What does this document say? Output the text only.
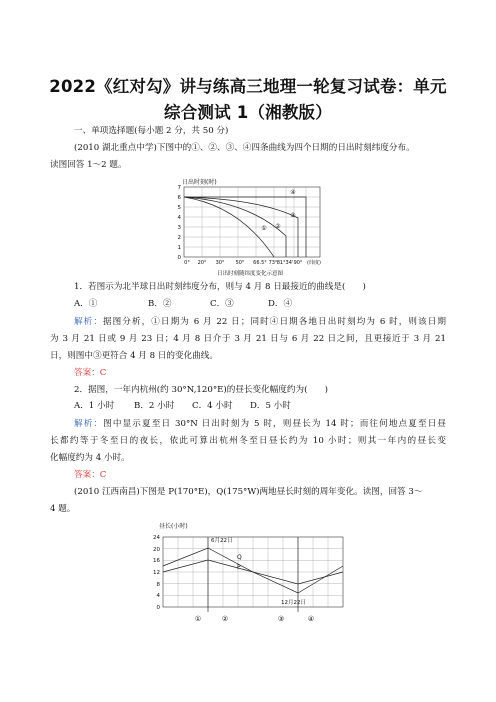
2022《红对勾》讲与练高三地理一轮复习试卷：单元
综合测试 1（湘教版）
一、单项选择题(每小题 2 分，共 50 分)
(2010 湖北重点中学)下图中的①、②、③、④四条曲线为四个日期的日出时刻纬度分布。
读图回答 1～2 题。
日出时刻(时)
7
6
5
4
3
2
1
0
0° 20° 30° 50° 66.5° 73° 81°34' 90° (纬度)
① ②
③
④
日出时刻随纬度变化示意图
1．若图示为北半球日出时刻纬度分布，则与 4 月 8 日最接近的曲线是(　　)
A．①	B．②	C．③	D．④
解析：据图分析，①日期为 6 月 22 日；同时④日期各地日出时刻均为 6 时，则该日期
为 3 月 21 日或 9 月 23 日；4 月 8 日介于 3 月 21 日与 6 月 22 日之间，且更接近于 3 月 21
日，则图中③更符合 4 月 8 日的变化曲线。
答案：C
2．据图，一年内杭州(约 30°N,120°E)的昼长变化幅度约为(　　)
A．1 小时 B．2 小时 C．4 小时 D．5 小时
解析：图中显示夏至日 30°N 日出时刻为 5 时，则昼长为 14 时；而往何地点夏至日昼
长都约等于冬至日的夜长，依此可算出杭州冬至日昼长约为 10 小时；则其一年内的昼长变
化幅度约为 4 小时。
答案：C
(2010 江西南昌)下图是 P(170°E)，Q(175°W)两地昼长时刻的周年变化。读图，回答 3～
4 题。
昼长(小时)
24
20
16
12
8
4
0
6月22日
12月22日
Q
P
①	②	③	④
